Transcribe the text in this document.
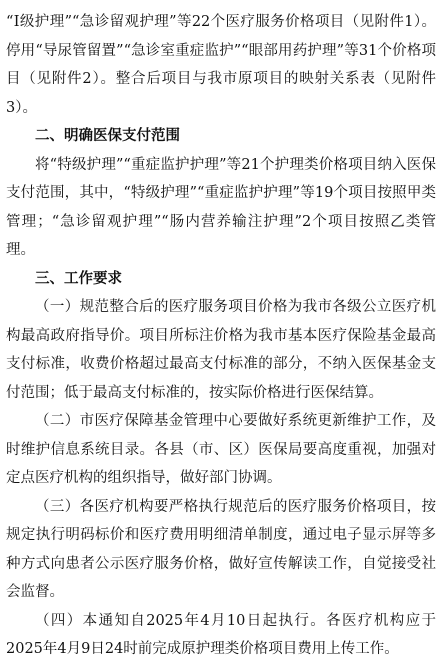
“Ⅰ级护理”“急诊留观护理”等22个医疗服务价格项目（见附件1）。停用“导尿管留置”“急诊室重症监护”“眼部用药护理”等31个价格项目（见附件2）。整合后项目与我市原项目的映射关系表（见附件3）。

二、明确医保支付范围

将“特级护理”“重症监护护理”等21个护理类价格项目纳入医保支付范围，其中，“特级护理”“重症监护护理”等19个项目按照甲类管理；“急诊留观护理”“肠内营养输注护理”2个项目按照乙类管理。

三、工作要求

（一）规范整合后的医疗服务项目价格为我市各级公立医疗机构最高政府指导价。项目所标注价格为我市基本医疗保险基金最高支付标准，收费价格超过最高支付标准的部分，不纳入医保基金支付范围；低于最高支付标准的，按实际价格进行医保结算。

（二）市医疗保障基金管理中心要做好系统更新维护工作，及时维护信息系统目录。各县（市、区）医保局要高度重视，加强对定点医疗机构的组织指导，做好部门协调。

（三）各医疗机构要严格执行规范后的医疗服务价格项目，按规定执行明码标价和医疗费用明细清单制度，通过电子显示屏等多种方式向患者公示医疗服务价格，做好宣传解读工作，自觉接受社会监督。

（四）本通知自2025年4月10日起执行。各医疗机构应于2025年4月9日24时前完成原护理类价格项目费用上传工作。
